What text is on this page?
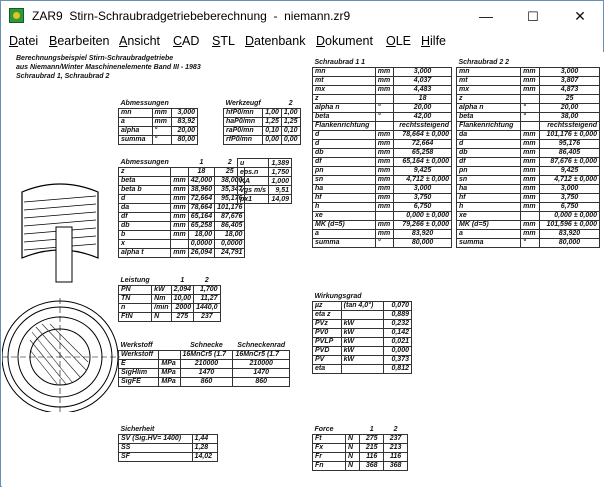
ZAR9  Stirn-Schraubradgetriebeberechnung  -  niemann.zr9	—	☐	✕
Datei Bearbeiten Ansicht CAD STL Datenbank Dokument OLE Hilfe
Berechnungsbeispiel Stirn-Schraubradgetriebe
aus Niemann/Winter Maschinenelemente Band III - 1983
Schraubrad 1, Schraubrad 2
Abmessungen		
mn	mm	3,000
a	mm	83,92
alpha	°	20,00
summa	°	80,00
Werkzeugf		2
hfP0/mn	1,00	1,00
haP0/mn	1,25	1,25
raP0/mn	0,10	0,10
rfP0/mn	0,00	0,00
Abmessungen		1	2
z		18	25
beta	mm	42,000	38,000
beta b	mm	38,960	35,347
d	mm	72,664	95,176
da	mm	78,664	101,176
df	mm	65,164	87,676
db	mm	65,258	86,405
b	mm	18,00	18,00
x		0,0000	0,0000
alpha t	mm	26,094	24,791
u	1,389
eps.n	1,750
KA	1,000
vgs m/s	9,51
px1	14,09
Leistung		1	2
PN	kW	2,094	1,700
TN	Nm	10,00	11,27
n	/min	2000	1440,0
FtN	N	275	237
Werkstoff		Schnecke	Schneckenrad
Werkstoff		16MnCr5 (1.7	16MnCr5 (1.7
E	MPa	210000	210000
SigHlim	MPa	1470	1470
SigFE	MPa	860	860
Wirkungsgrad		
µz	(tan 4,0°)	0,070
eta z		0,889
PVz	kW	0,232
PV0	kW	0,142
PVLP	kW	0,021
PVD	kW	0,000
PV	kW	0,373
eta		0,812
Sicherheit	
SV (Sig.HV= 1400)	1,44
SS	1,28
SF	14,02
Force		1	2
Ft	N	275	237
Fx	N	215	213
Fr	N	116	116
Fn	N	368	368
Schraubrad 1 1		
mn	mm	3,000
mt	mm	4,037
mx	mm	4,483
z		18
alpha n	°	20,00
beta	°	42,00
Flankenrichtung		rechtssteigend
d	mm	78,664 ± 0,000
d	mm	72,664
db	mm	65,258
df	mm	65,164 ± 0,000
pn	mm	9,425
sn	mm	4,712 ± 0,000
ha	mm	3,000
hf	mm	3,750
h	mm	6,750
xe		0,000 ± 0,000
MK (d=5)	mm	79,266 ± 0,000
a	mm	83,920
summa	°	80,000
Schraubrad 2 2		
mn	mm	3,000
mt	mm	3,807
mx	mm	4,873
z		25
alpha n	°	20,00
beta	°	38,00
Flankenrichtung		rechtssteigend
da	mm	101,176 ± 0,000
d	mm	95,176
db	mm	86,405
df	mm	87,676 ± 0,000
pn	mm	9,425
sn	mm	4,712 ± 0,000
ha	mm	3,000
hf	mm	3,750
h	mm	6,750
xe		0,000 ± 0,000
MK (d=5)	mm	101,596 ± 0,000
a	mm	83,920
summa	°	80,000
